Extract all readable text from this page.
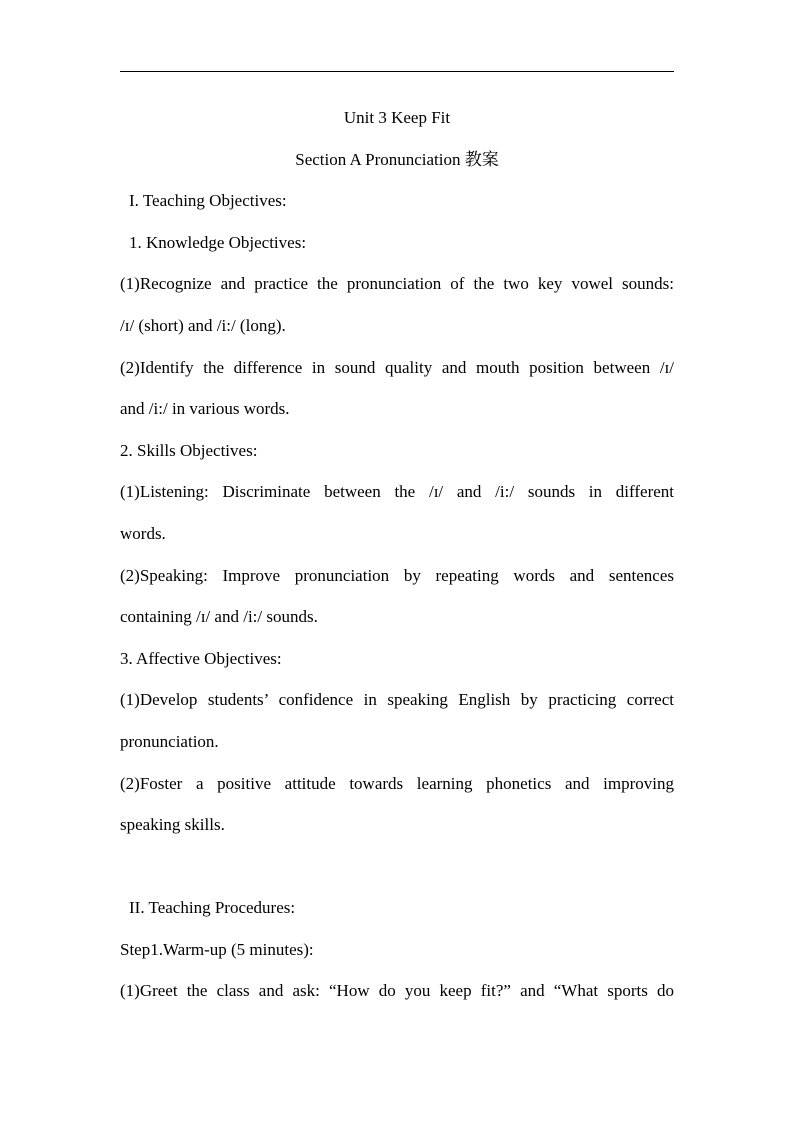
Unit 3 Keep Fit
Section A Pronunciation 教案
I. Teaching Objectives:
1. Knowledge Objectives:
(1)Recognize and practice the pronunciation of the two key vowel sounds:
/ɪ/ (short) and /i:/ (long).
(2)Identify the difference in sound quality and mouth position between /ɪ/
and /i:/ in various words.
2. Skills Objectives:
(1)Listening: Discriminate between the /ɪ/ and /i:/ sounds in different
words.
(2)Speaking: Improve pronunciation by repeating words and sentences
containing /ɪ/ and /i:/ sounds.
3. Affective Objectives:
(1)Develop students’ confidence in speaking English by practicing correct
pronunciation.
(2)Foster a positive attitude towards learning phonetics and improving
speaking skills.
II. Teaching Procedures:
Step1.Warm-up (5 minutes):
(1)Greet the class and ask: “How do you keep fit?” and “What sports do
